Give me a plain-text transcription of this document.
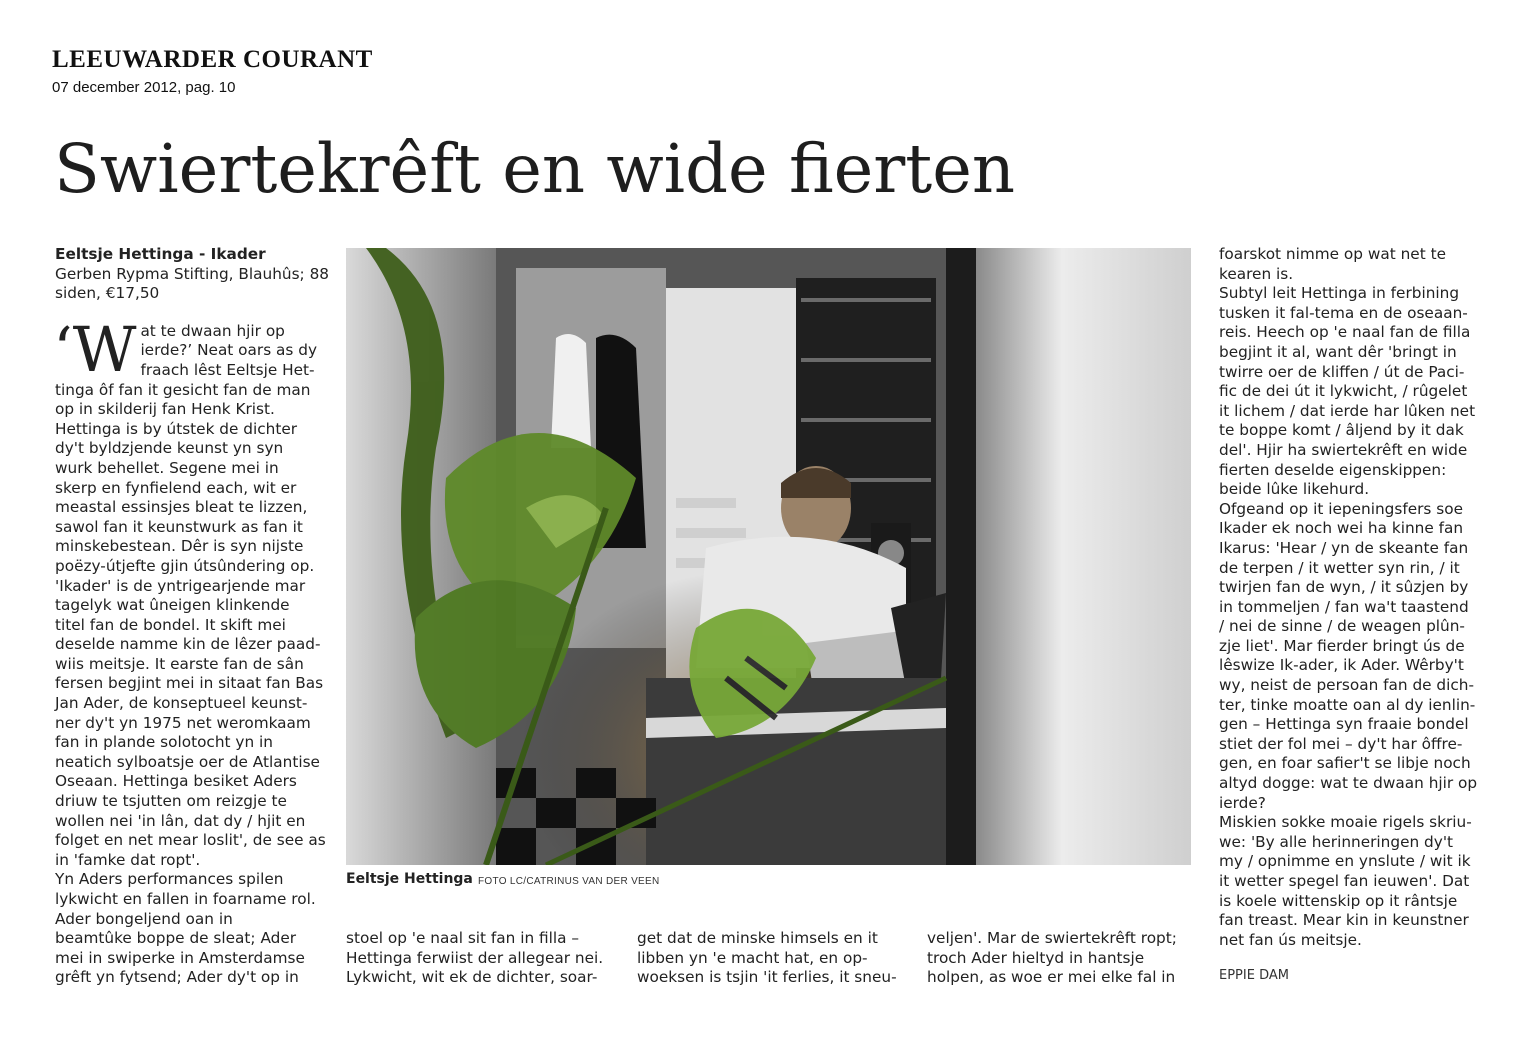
LEEUWARDER COURANT
07 december 2012, pag. 10
Swiertekrêft en wide fierten

Eeltsje Hettinga - Ikader

Gerben Rypma Stifting, Blauhûs; 88

siden, €17,50

‘W at te dwaan hjir op

ierde?’ Neat oars as dy

fraach lêst Eeltsje Het-

tinga ôf fan it gesicht fan de man

op in skilderij fan Henk Krist.

Hettinga is by útstek de dichter

dy't byldzjende keunst yn syn

wurk behellet. Segene mei in

skerp en fynfielend each, wit er

meastal essinsjes bleat te lizzen,

sawol fan it keunstwurk as fan it

minskebestean. Dêr is syn nijste

poëzy-útjefte gjin útsûndering op.

'Ikader' is de yntrigearjende mar

tagelyk wat ûneigen klinkende

titel fan de bondel. It skift mei

deselde namme kin de lêzer paad-

wiis meitsje. It earste fan de sân

fersen begjint mei in sitaat fan Bas

Jan Ader, de konseptueel keunst-

ner dy't yn 1975 net weromkaam

fan in plande solotocht yn in

neatich sylboatsje oer de Atlantise

Oseaan. Hettinga besiket Aders

driuw te tsjutten om reizgje te

wollen nei 'in lân, dat dy / hjit en

folget en net mear loslit', de see as

in 'famke dat ropt'.

Yn Aders performances spilen

lykwicht en fallen in foarname rol.

Ader bongeljend oan in

beamtûke boppe de sleat; Ader

mei in swiperke in Amsterdamse

grêft yn fytsend; Ader dy't op in

Eeltsje Hettinga FOTO LC/CATRINUS VAN DER VEEN

stoel op 'e naal sit fan in filla –

Hettinga ferwiist der allegear nei.

Lykwicht, wit ek de dichter, soar-

get dat de minske himsels en it

libben yn 'e macht hat, en op-

woeksen is tsjin 'it ferlies, it sneu-

veljen'. Mar de swiertekrêft ropt;

troch Ader hieltyd in hantsje

holpen, as woe er mei elke fal in

foarskot nimme op wat net te

kearen is.

Subtyl leit Hettinga in ferbining

tusken it fal-tema en de oseaan-

reis. Heech op 'e naal fan de filla

begjint it al, want dêr 'bringt in

twirre oer de kliffen / út de Paci-

fic de dei út it lykwicht, / rûgelet

it lichem / dat ierde har lûken net

te boppe komt / âljend by it dak

del'. Hjir ha swiertekrêft en wide

fierten deselde eigenskippen:

beide lûke likehurd.

Ofgeand op it iepeningsfers soe

Ikader ek noch wei ha kinne fan

Ikarus: 'Hear / yn de skeante fan

de terpen / it wetter syn rin, / it

twirjen fan de wyn, / it sûzjen by

in tommeljen / fan wa't taastend

/ nei de sinne / de weagen plûn-

zje liet'. Mar fierder bringt ús de

lêswize Ik-ader, ik Ader. Wêrby't

wy, neist de persoan fan de dich-

ter, tinke moatte oan al dy ienlin-

gen – Hettinga syn fraaie bondel

stiet der fol mei – dy't har ôffre-

gen, en foar safier't se libje noch

altyd dogge: wat te dwaan hjir op

ierde?

Miskien sokke moaie rigels skriu-

we: 'By alle herinneringen dy't

my / opnimme en ynslute / wit ik

it wetter spegel fan ieuwen'. Dat

is koele wittenskip op it rântsje

fan treast. Mear kin in keunstner

net fan ús meitsje.

EPPIE DAM
